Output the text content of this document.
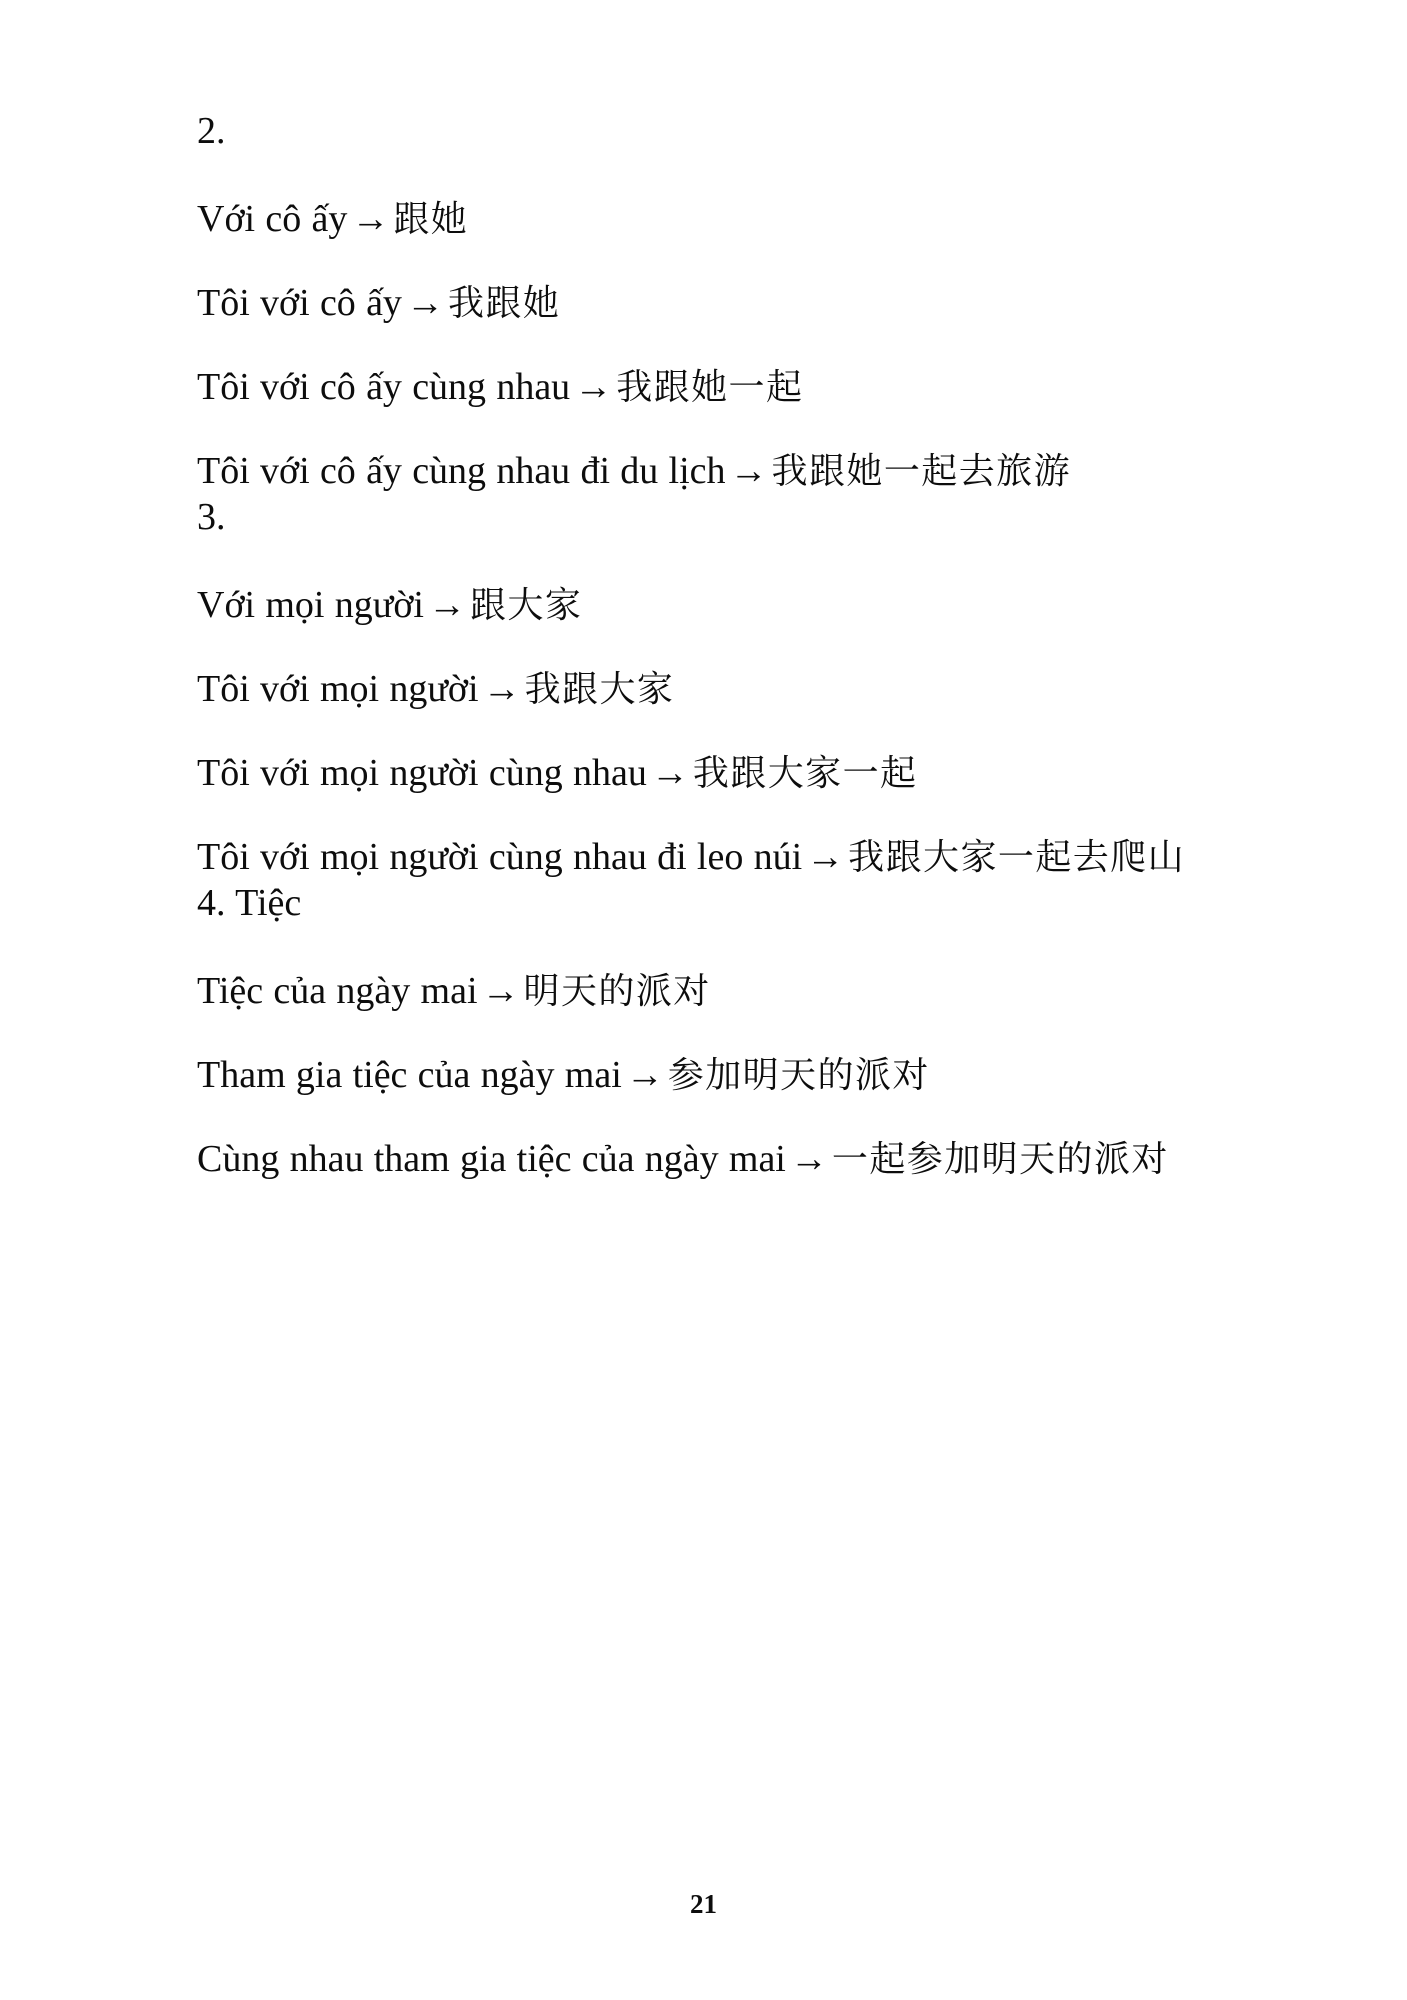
2.

Với cô ấy → 跟她

Tôi với cô ấy → 我跟她

Tôi với cô ấy cùng nhau → 我跟她一起

Tôi với cô ấy cùng nhau đi du lịch → 我跟她一起去旅游

3.

Với mọi người → 跟大家

Tôi với mọi người → 我跟大家

Tôi với mọi người cùng nhau → 我跟大家一起

Tôi với mọi người cùng nhau đi leo núi → 我跟大家一起去爬山

4. Tiệc

Tiệc của ngày mai → 明天的派对

Tham gia tiệc của ngày mai → 参加明天的派对

Cùng nhau tham gia tiệc của ngày mai → 一起参加明天的派对

21
